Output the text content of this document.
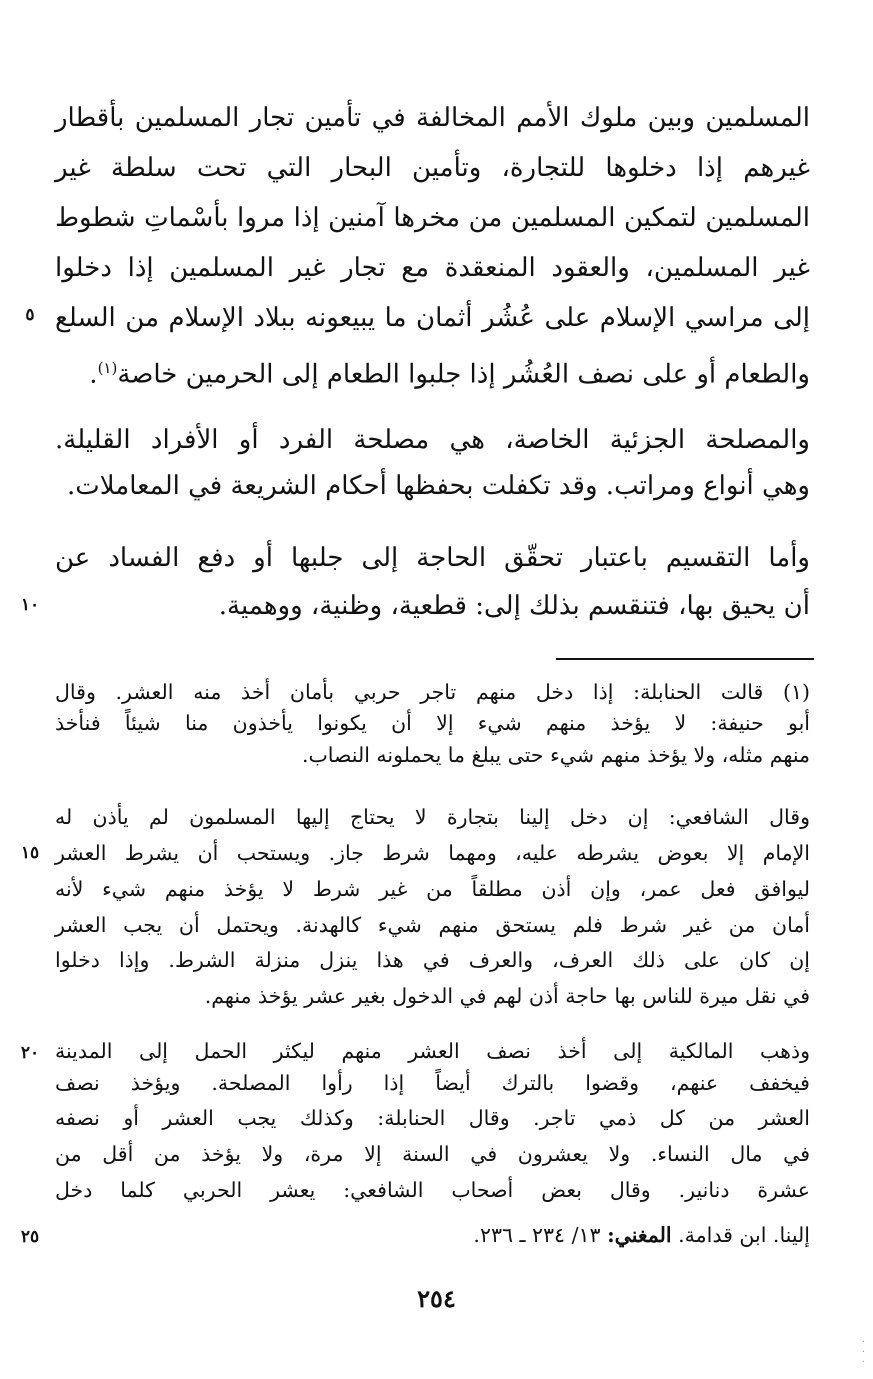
المسلمين وبين ملوك الأمم المخالفة في تأمين تجار المسلمين بأقطار
غيرهم إذا دخلوها للتجارة، وتأمين البحار التي تحت سلطة غير
المسلمين لتمكين المسلمين من مخرها آمنين إذا مروا بأسْماتِ شطوط
غير المسلمين، والعقود المنعقدة مع تجار غير المسلمين إذا دخلوا
إلى مراسي الإسلام على عُشُر أثمان ما يبيعونه ببلاد الإسلام من السلع
والطعام أو على نصف العُشُر إذا جلبوا الطعام إلى الحرمين خاصة$^{(١)}$.
والمصلحة الجزئية الخاصة، هي مصلحة الفرد أو الأفراد القليلة.
وهي أنواع ومراتب. وقد تكفلت بحفظها أحكام الشريعة في المعاملات.
وأما التقسيم باعتبار تحقّق الحاجة إلى جلبها أو دفع الفساد عن
أن يحيق بها، فتنقسم بذلك إلى: قطعية، وظنية، ووهمية.
(١) قالت الحنابلة: إذا دخل منهم تاجر حربي بأمان أخذ منه العشر. وقال
أبو حنيفة: لا يؤخذ منهم شيء إلا أن يكونوا يأخذون منا شيئاً فنأخذ
منهم مثله، ولا يؤخذ منهم شيء حتى يبلغ ما يحملونه النصاب.
وقال الشافعي: إن دخل إلينا بتجارة لا يحتاج إليها المسلمون لم يأذن له
الإمام إلا بعوض يشرطه عليه، ومهما شرط جاز. ويستحب أن يشرط العشر
ليوافق فعل عمر، وإن أذن مطلقاً من غير شرط لا يؤخذ منهم شيء لأنه
أمان من غير شرط فلم يستحق منهم شيء كالهدنة. ويحتمل أن يجب العشر
إن كان على ذلك العرف، والعرف في هذا ينزل منزلة الشرط. وإذا دخلوا
في نقل ميرة للناس بها حاجة أذن لهم في الدخول بغير عشر يؤخذ منهم.
وذهب المالكية إلى أخذ نصف العشر منهم ليكثر الحمل إلى المدينة
فيخفف عنهم، وقضوا بالترك أيضاً إذا رأوا المصلحة. ويؤخذ نصف
العشر من كل ذمي تاجر. وقال الحنابلة: وكذلك يجب العشر أو نصفه
في مال النساء. ولا يعشرون في السنة إلا مرة، ولا يؤخذ من أقل من
عشرة دنانير. وقال بعض أصحاب الشافعي: يعشر الحربي كلما دخل
إلينا. ابن قدامة. المغني: ١٣/ ٢٣٤ ـ ٢٣٦.
٥
١٠
١٥
٢٠
٢٥
٢٥٤
·
·
·
